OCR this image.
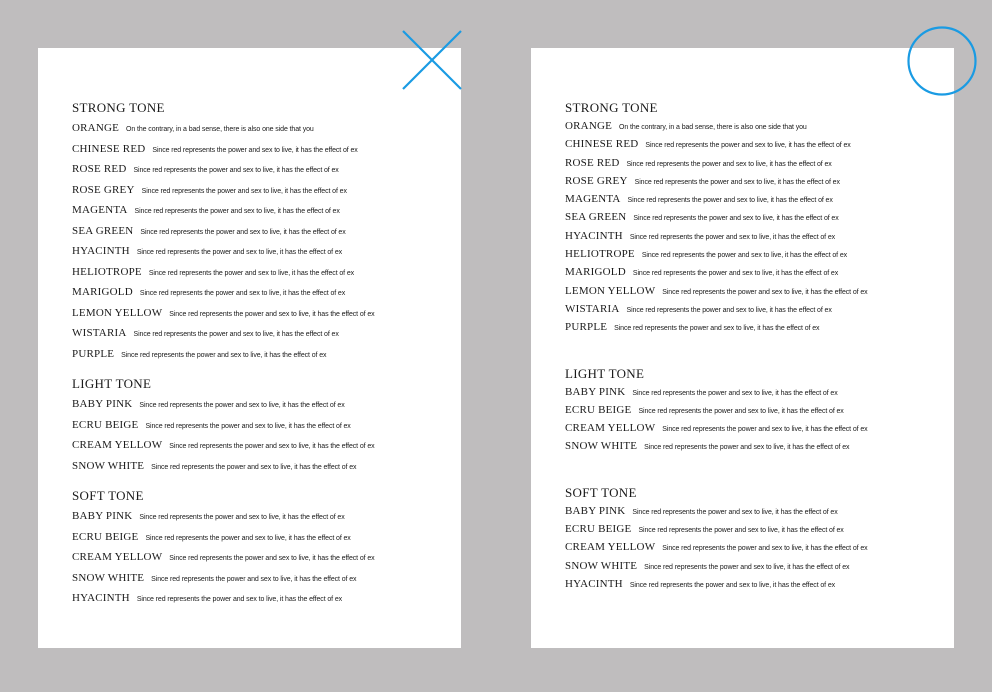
STRONG TONE
ORANGE On the contrary, in a bad sense, there is also one side that you
CHINESE RED Since red represents the power and sex to live, it has the effect of ex
ROSE RED Since red represents the power and sex to live, it has the effect of ex
ROSE GREY Since red represents the power and sex to live, it has the effect of ex
MAGENTA Since red represents the power and sex to live, it has the effect of ex
SEA GREEN Since red represents the power and sex to live, it has the effect of ex
HYACINTH Since red represents the power and sex to live, it has the effect of ex
HELIOTROPE Since red represents the power and sex to live, it has the effect of ex
MARIGOLD Since red represents the power and sex to live, it has the effect of ex
LEMON YELLOW Since red represents the power and sex to live, it has the effect of ex
WISTARIA Since red represents the power and sex to live, it has the effect of ex
PURPLE Since red represents the power and sex to live, it has the effect of ex
LIGHT TONE
BABY PINK Since red represents the power and sex to live, it has the effect of ex
ECRU BEIGE Since red represents the power and sex to live, it has the effect of ex
CREAM YELLOW Since red represents the power and sex to live, it has the effect of ex
SNOW WHITE Since red represents the power and sex to live, it has the effect of ex
SOFT TONE
BABY PINK Since red represents the power and sex to live, it has the effect of ex
ECRU BEIGE Since red represents the power and sex to live, it has the effect of ex
CREAM YELLOW Since red represents the power and sex to live, it has the effect of ex
SNOW WHITE Since red represents the power and sex to live, it has the effect of ex
HYACINTH Since red represents the power and sex to live, it has the effect of ex
STRONG TONE
ORANGE On the contrary, in a bad sense, there is also one side that you
CHINESE RED Since red represents the power and sex to live, it has the effect of ex
ROSE RED Since red represents the power and sex to live, it has the effect of ex
ROSE GREY Since red represents the power and sex to live, it has the effect of ex
MAGENTA Since red represents the power and sex to live, it has the effect of ex
SEA GREEN Since red represents the power and sex to live, it has the effect of ex
HYACINTH Since red represents the power and sex to live, it has the effect of ex
HELIOTROPE Since red represents the power and sex to live, it has the effect of ex
MARIGOLD Since red represents the power and sex to live, it has the effect of ex
LEMON YELLOW Since red represents the power and sex to live, it has the effect of ex
WISTARIA Since red represents the power and sex to live, it has the effect of ex
PURPLE Since red represents the power and sex to live, it has the effect of ex
LIGHT TONE
BABY PINK Since red represents the power and sex to live, it has the effect of ex
ECRU BEIGE Since red represents the power and sex to live, it has the effect of ex
CREAM YELLOW Since red represents the power and sex to live, it has the effect of ex
SNOW WHITE Since red represents the power and sex to live, it has the effect of ex
SOFT TONE
BABY PINK Since red represents the power and sex to live, it has the effect of ex
ECRU BEIGE Since red represents the power and sex to live, it has the effect of ex
CREAM YELLOW Since red represents the power and sex to live, it has the effect of ex
SNOW WHITE Since red represents the power and sex to live, it has the effect of ex
HYACINTH Since red represents the power and sex to live, it has the effect of ex
